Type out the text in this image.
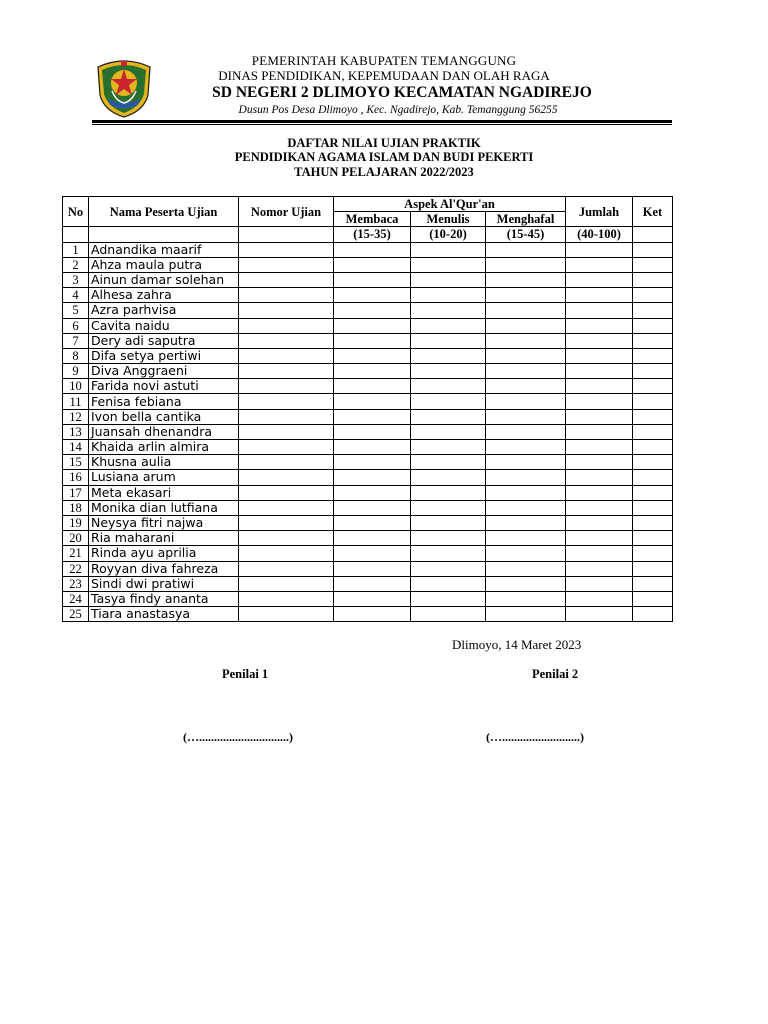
PEMERINTAH KABUPATEN TEMANGGUNG
DINAS PENDIDIKAN, KEPEMUDAAN DAN OLAH RAGA
SD NEGERI 2 DLIMOYO KECAMATAN NGADIREJO
Dusun Pos Desa Dlimoyo , Kec. Ngadirejo, Kab. Temanggung 56255
DAFTAR NILAI UJIAN PRAKTIK
PENDIDIKAN AGAMA ISLAM DAN BUDI PEKERTI
TAHUN PELAJARAN 2022/2023
No	Nama Peserta Ujian	Nomor Ujian	Aspek Al'Qur'an			Jumlah	Ket
			Membaca	Menulis	Menghafal		
			(15-35)	(10-20)	(15-45)	(40-100)	
1	Adnandika maarif						
2	Ahza maula putra						
3	Ainun damar solehan						
4	Alhesa zahra						
5	Azra parhvisa						
6	Cavita naidu						
7	Dery adi saputra						
8	Difa setya pertiwi						
9	Diva Anggraeni						
10	Farida novi astuti						
11	Fenisa febiana						
12	Ivon bella cantika						
13	Juansah dhenandra						
14	Khaida arlin almira						
15	Khusna aulia						
16	Lusiana arum						
17	Meta ekasari						
18	Monika dian lutfiana						
19	Neysya fitri najwa						
20	Ria maharani						
21	Rinda ayu aprilia						
22	Royyan diva fahreza						
23	Sindi dwi pratiwi						
24	Tasya findy ananta						
25	Tiara anastasya						
Dlimoyo, 14 Maret 2023
Penilai 1	Penilai 2
(…..............................)	(…..........................)
